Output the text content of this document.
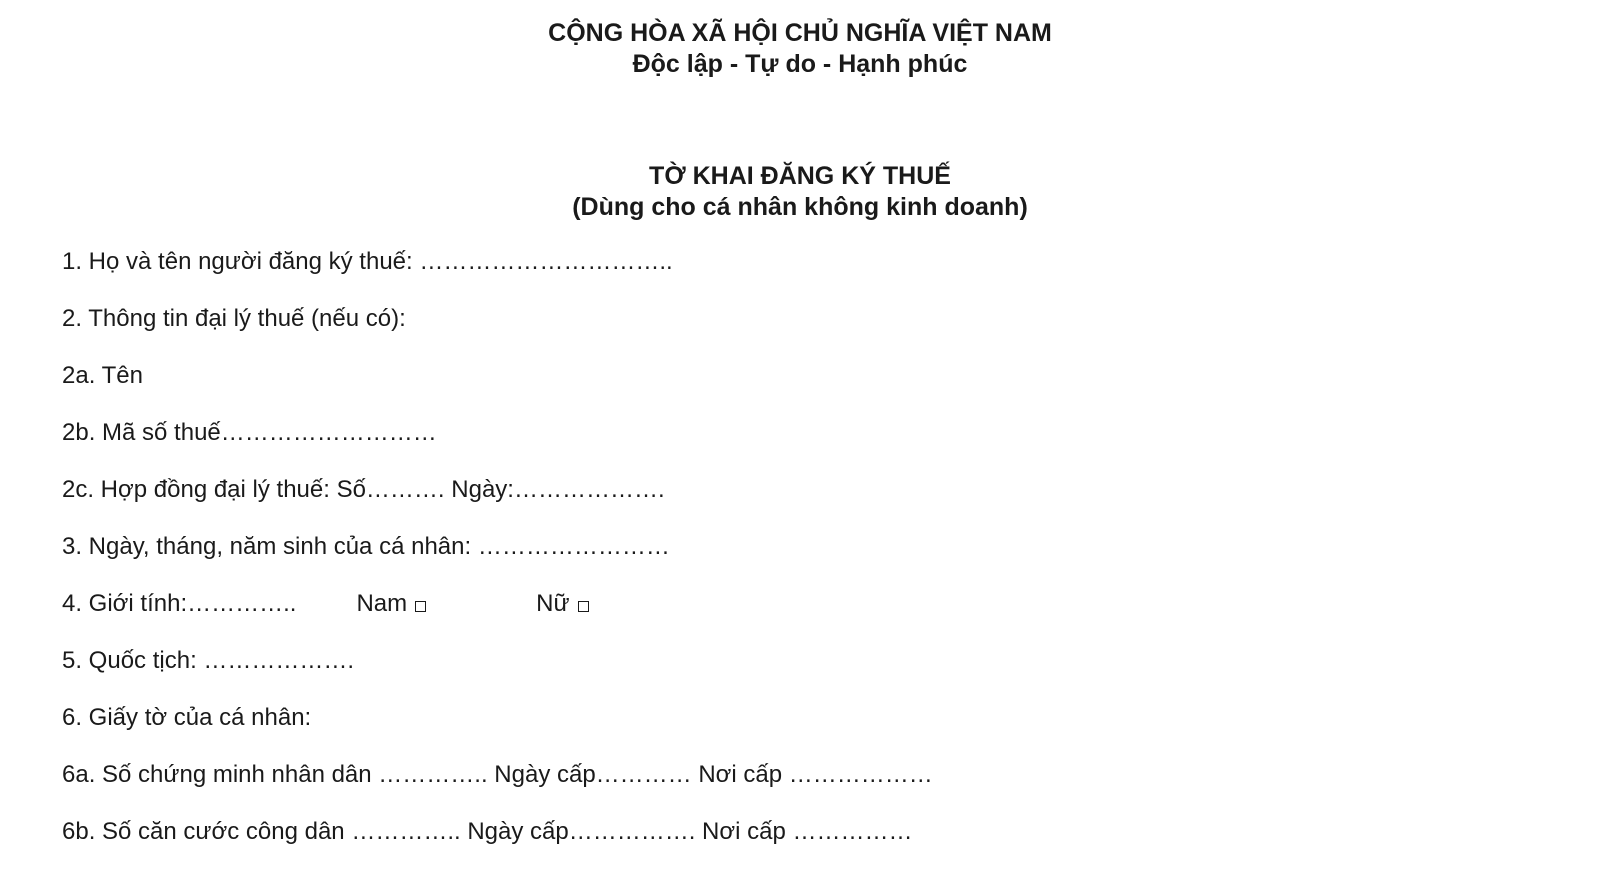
CỘNG HÒA XÃ HỘI CHỦ NGHĨA VIỆT NAM
Độc lập - Tự do - Hạnh phúc
TỜ KHAI ĐĂNG KÝ THUẾ
(Dùng cho cá nhân không kinh doanh)
1. Họ và tên người đăng ký thuế: …………………………..
2. Thông tin đại lý thuế (nếu có):
2a. Tên
2b. Mã số thuế………………………
2c. Hợp đồng đại lý thuế: Số………. Ngày:……………….
3. Ngày, tháng, năm sinh của cá nhân: ……………………
4. Giới tính:…………..	Nam	Nữ
5. Quốc tịch: ……………….
6. Giấy tờ của cá nhân:
6a. Số chứng minh nhân dân ………….. Ngày cấp………… Nơi cấp ………………
6b. Số căn cước công dân ………….. Ngày cấp……………. Nơi cấp ……………
